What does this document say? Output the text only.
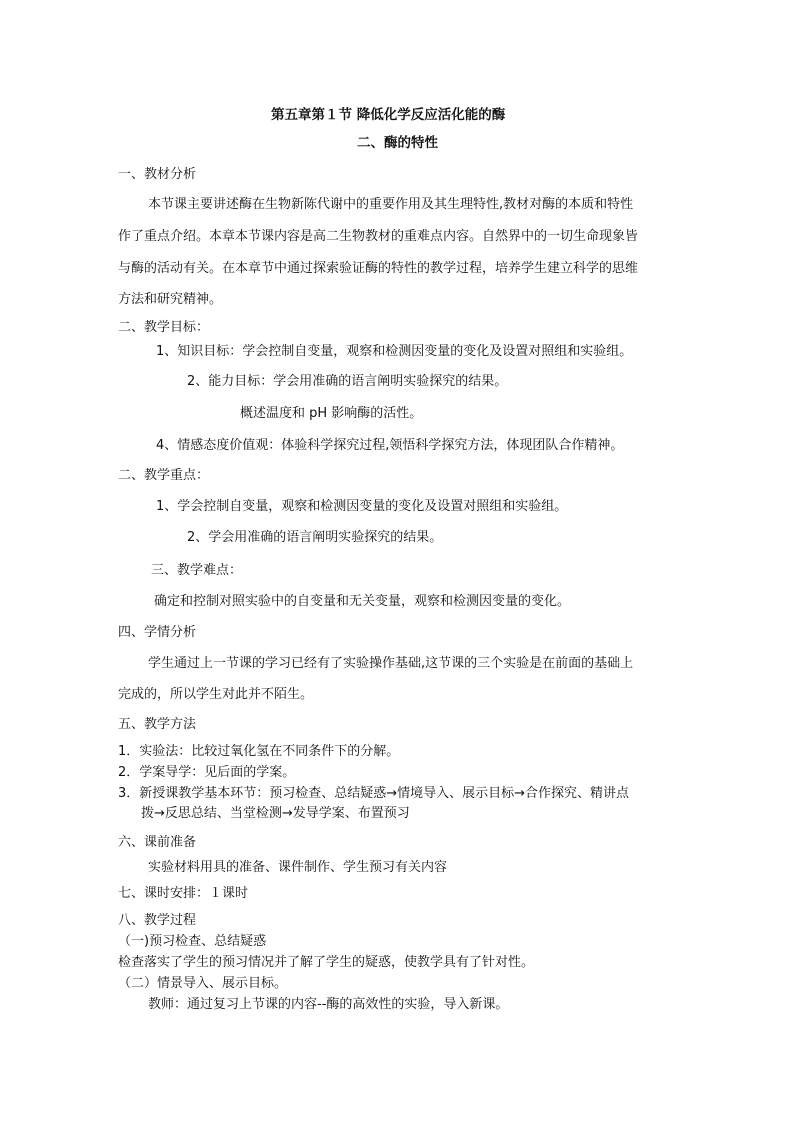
第五章第１节 降低化学反应活化能的酶
二、酶的特性
一、教材分析
本节课主要讲述酶在生物新陈代谢中的重要作用及其生理特性,教材对酶的本质和特性
作了重点介绍。本章本节课内容是高二生物教材的重难点内容。自然界中的一切生命现象皆
与酶的活动有关。在本章节中通过探索验证酶的特性的教学过程，培养学生建立科学的思维
方法和研究精神。
二、教学目标：
1、知识目标：学会控制自变量，观察和检测因变量的变化及设置对照组和实验组。
2、能力目标：学会用准确的语言阐明实验探究的结果。
概述温度和 pH 影响酶的活性。
4、情感态度价值观：体验科学探究过程,领悟科学探究方法，体现团队合作精神。
二、教学重点：
1、学会控制自变量，观察和检测因变量的变化及设置对照组和实验组。
2、学会用准确的语言阐明实验探究的结果。
三、教学难点：
确定和控制对照实验中的自变量和无关变量，观察和检测因变量的变化。
四、学情分析
学生通过上一节课的学习已经有了实验操作基础,这节课的三个实验是在前面的基础上
完成的，所以学生对此并不陌生。
五、教学方法
1．实验法：比较过氧化氢在不同条件下的分解。
2．学案导学：见后面的学案。
3．新授课教学基本环节：预习检查、总结疑惑→情境导入、展示目标→合作探究、精讲点
拨→反思总结、当堂检测→发导学案、布置预习
六、课前准备
实验材料用具的准备、课件制作、学生预习有关内容
七、课时安排：１课时
八、教学过程
（一)预习检查、总结疑惑
检查落实了学生的预习情况并了解了学生的疑惑，使教学具有了针对性。
（二）情景导入、展示目标。
教师：通过复习上节课的内容--酶的高效性的实验，导入新课。
